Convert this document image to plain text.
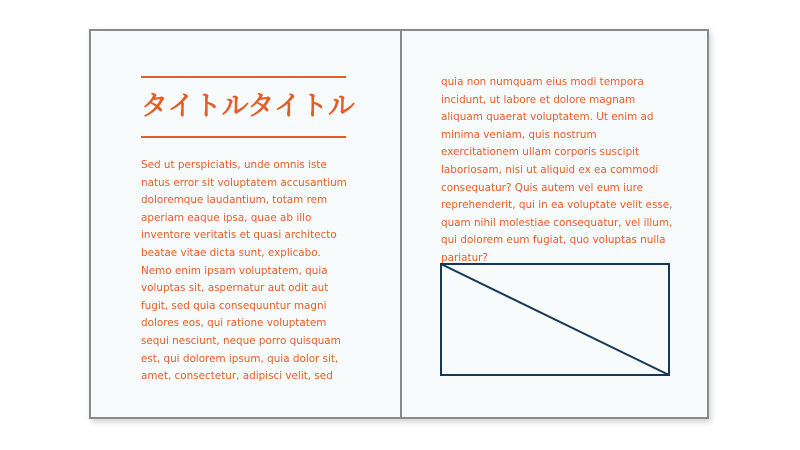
タイトルタイトル

Sed ut perspiciatis, unde omnis iste natus error sit voluptatem accusantium doloremque laudantium, totam rem aperiam eaque ipsa, quae ab illo inventore veritatis et quasi architecto beatae vitae dicta sunt, explicabo. Nemo enim ipsam voluptatem, quia voluptas sit, aspernatur aut odit aut fugit, sed quia consequuntur magni dolores eos, qui ratione voluptatem sequi nesciunt, neque porro quisquam est, qui dolorem ipsum, quia dolor sit, amet, consectetur, adipisci velit, sed

quia non numquam eius modi tempora incidunt, ut labore et dolore magnam aliquam quaerat voluptatem. Ut enim ad minima veniam, quis nostrum exercitationem ullam corporis suscipit laboriosam, nisi ut aliquid ex ea commodi consequatur? Quis autem vel eum iure reprehenderit, qui in ea voluptate velit esse, quam nihil molestiae consequatur, vel illum, qui dolorem eum fugiat, quo voluptas nulla pariatur?
